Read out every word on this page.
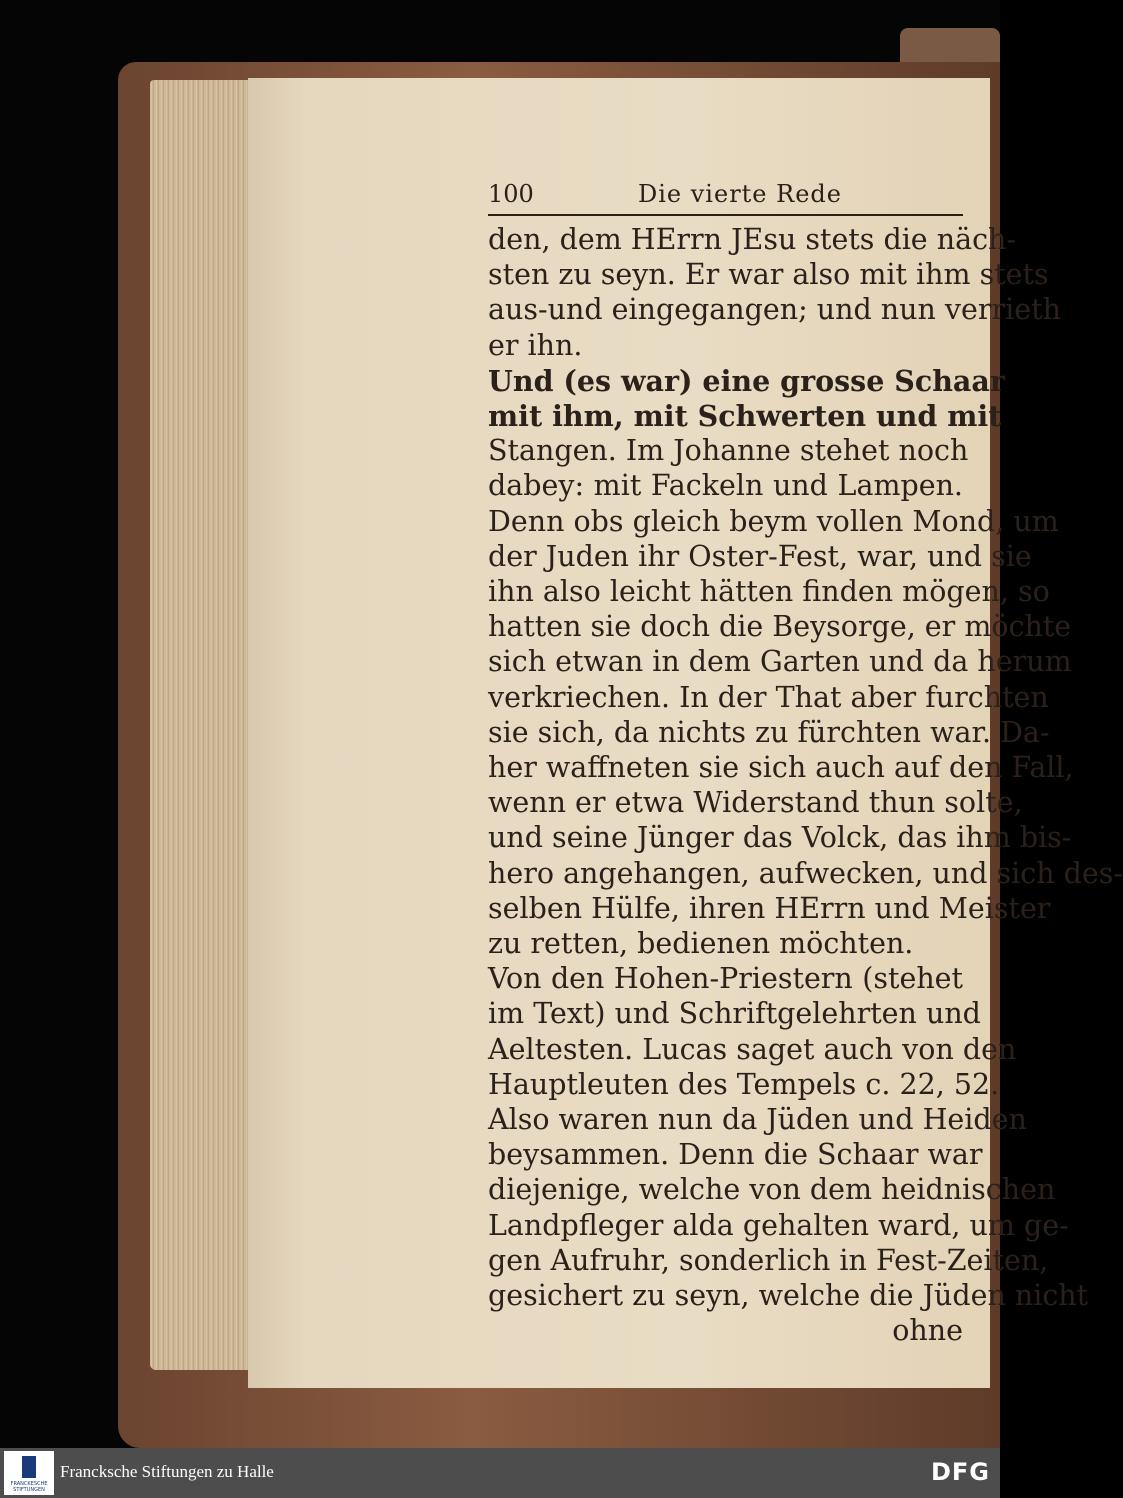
100	Die vierte Rede
den, dem HErrn JEsu stets die näch-
sten zu seyn. Er war also mit ihm stets
aus-und eingegangen; und nun verrieth
er ihn.
Und (es war) eine grosse Schaar
mit ihm, mit Schwerten und mit
Stangen. Im Johanne stehet noch
dabey: mit Fackeln und Lampen.
Denn obs gleich beym vollen Mond, um
der Juden ihr Oster-Fest, war, und sie
ihn also leicht hätten finden mögen, so
hatten sie doch die Beysorge, er möchte
sich etwan in dem Garten und da herum
verkriechen. In der That aber furchten
sie sich, da nichts zu fürchten war. Da-
her waffneten sie sich auch auf den Fall,
wenn er etwa Widerstand thun solte,
und seine Jünger das Volck, das ihm bis-
hero angehangen, aufwecken, und sich des-
selben Hülfe, ihren HErrn und Meister
zu retten, bedienen möchten.
Von den Hohen-Priestern (stehet
im Text) und Schriftgelehrten und
Aeltesten. Lucas saget auch von den
Hauptleuten des Tempels c. 22, 52.
Also waren nun da Jüden und Heiden
beysammen. Denn die Schaar war
diejenige, welche von dem heidnischen
Landpfleger alda gehalten ward, um ge-
gen Aufruhr, sonderlich in Fest-Zeiten,
gesichert zu seyn, welche die Jüden nicht
ohne
FRANCKESCHE STIFTUNGEN
Francksche Stiftungen zu Halle	DFG
